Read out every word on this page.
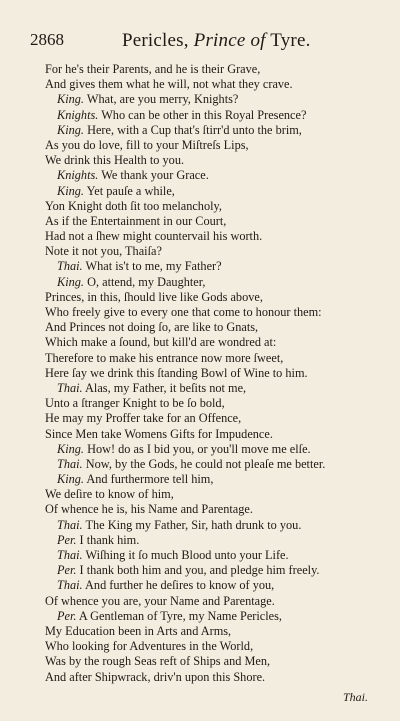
2868	Pericles, Prince of Tyre.
For he's their Parents, and he is their Grave,
And gives them what he will, not what they crave.
King. What, are you merry, Knights?
Knights. Who can be other in this Royal Presence?
King. Here, with a Cup that's ſtirr'd unto the brim,
As you do love, fill to your Miſtreſs Lips,
We drink this Health to you.
Knights. We thank your Grace.
King. Yet pauſe a while,
Yon Knight doth ſit too melancholy,
As if the Entertainment in our Court,
Had not a ſhew might countervail his worth.
Note it not you, Thaiſa?
Thai. What is't to me, my Father?
King. O, attend, my Daughter,
Princes, in this, ſhould live like Gods above,
Who freely give to every one that come to honour them:
And Princes not doing ſo, are like to Gnats,
Which make a ſound, but kill'd are wondred at:
Therefore to make his entrance now more ſweet,
Here ſay we drink this ſtanding Bowl of Wine to him.
Thai. Alas, my Father, it beſits not me,
Unto a ſtranger Knight to be ſo bold,
He may my Proffer take for an Offence,
Since Men take Womens Gifts for Impudence.
King. How! do as I bid you, or you'll move me elſe.
Thai. Now, by the Gods, he could not pleaſe me better.
King. And furthermore tell him,
We deſire to know of him,
Of whence he is, his Name and Parentage.
Thai. The King my Father, Sir, hath drunk to you.
Per. I thank him.
Thai. Wiſhing it ſo much Blood unto your Life.
Per. I thank both him and you, and pledge him freely.
Thai. And further he deſires to know of you,
Of whence you are, your Name and Parentage.
Per. A Gentleman of Tyre, my Name Pericles,
My Education been in Arts and Arms,
Who looking for Adventures in the World,
Was by the rough Seas reft of Ships and Men,
And after Shipwrack, driv'n upon this Shore.
Thai.
